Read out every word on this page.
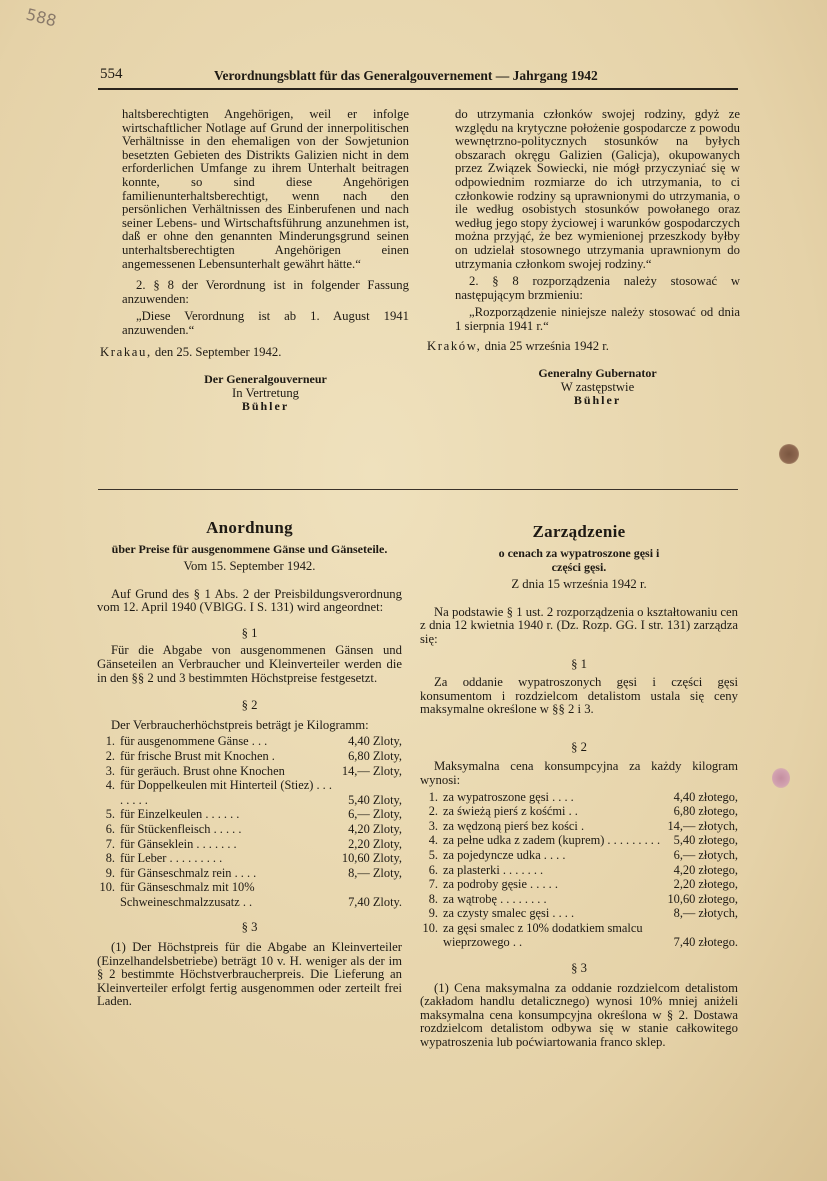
588
554	Verordnungsblatt für das Generalgouvernement — Jahrgang 1942

haltsberechtigten Angehörigen, weil er infolge wirtschaftlicher Notlage auf Grund der innerpolitischen Verhältnisse in den ehemaligen von der Sowjetunion besetzten Gebieten des Distrikts Galizien nicht in dem erforderlichen Umfange zu ihrem Unterhalt beitragen konnte, so sind diese Angehörigen familienunterhaltsberechtigt, wenn nach den persönlichen Verhältnissen des Einberufenen und nach seiner Lebens- und Wirtschaftsführung anzunehmen ist, daß er ohne den genannten Minderungsgrund seinen unterhaltsberechtigten Angehörigen einen angemessenen Lebensunterhalt gewährt hätte.“

2. § 8 der Verordnung ist in folgender Fassung anzuwenden:

„Diese Verordnung ist ab 1. August 1941 anzuwenden.“

Krakau, den 25. September 1942.

Der Generalgouverneur
In Vertretung
Bühler

do utrzymania członków swojej rodziny, gdyż ze względu na krytyczne położenie gospodarcze z powodu wewnętrzno-politycznych stosunków na byłych obszarach okręgu Galizien (Galicja), okupowanych przez Związek Sowiecki, nie mógł przyczyniać się w odpowiednim rozmiarze do ich utrzymania, to ci członkowie rodziny są uprawnionymi do utrzymania, o ile według osobistych stosunków powołanego oraz według jego stopy życiowej i warunków gospodarczych można przyjąć, że bez wymienionej przeszkody byłby on udzielał stosownego utrzymania uprawnionym do utrzymania członkom swojej rodziny.“

2. § 8 rozporządzenia należy stosować w następującym brzmieniu:

„Rozporządzenie niniejsze należy stosować od dnia 1 sierpnia 1941 r.“

Kraków, dnia 25 września 1942 r.

Generalny Gubernator
W zastępstwie
Bühler
Anordnung
über Preise für ausgenommene Gänse und Gänseteile.
Vom 15. September 1942.

Auf Grund des § 1 Abs. 2 der Preisbildungsverordnung vom 12. April 1940 (VBlGG. I S. 131) wird angeordnet:

§ 1

Für die Abgabe von ausgenommenen Gänsen und Gänseteilen an Verbraucher und Kleinverteiler werden die in den §§ 2 und 3 bestimmten Höchstpreise festgesetzt.

§ 2

Der Verbraucherhöchstpreis beträgt je Kilogramm:

1.	für ausgenommene Gänse . . .	4,40 Zloty,
2.	für frische Brust mit Knochen .	6,80 Zloty,
3.	für geräuch. Brust ohne Knochen	14,— Zloty,
4.	für Doppelkeulen mit Hinterteil (Stiez) . . . . . . . .	5,40 Zloty,
5.	für Einzelkeulen . . . . . .	6,— Zloty,
6.	für Stückenfleisch . . . . .	4,20 Zloty,
7.	für Gänseklein . . . . . . .	2,20 Zloty,
8.	für Leber . . . . . . . . .	10,60 Zloty,
9.	für Gänseschmalz rein . . . .	8,— Zloty,
10.	für Gänseschmalz mit 10% Schweineschmalzzusatz . .	7,40 Zloty.
§ 3

(1) Der Höchstpreis für die Abgabe an Kleinverteiler (Einzelhandelsbetriebe) beträgt 10 v. H. weniger als der im § 2 bestimmte Höchstverbraucherpreis. Die Lieferung an Kleinverteiler erfolgt fertig ausgenommen oder zerteilt frei Laden.

Zarządzenie
o cenach za wypatroszone gęsi i części gęsi.
Z dnia 15 września 1942 r.

Na podstawie § 1 ust. 2 rozporządzenia o kształtowaniu cen z dnia 12 kwietnia 1940 r. (Dz. Rozp. GG. I str. 131) zarządza się:

§ 1

Za oddanie wypatroszonych gęsi i części gęsi konsumentom i rozdzielcom detalistom ustala się ceny maksymalne określone w §§ 2 i 3.

§ 2

Maksymalna cena konsumpcyjna za każdy kilogram wynosi:

1.	za wypatroszone gęsi . . . .	4,40 złotego,
2.	za świeżą pierś z kośćmi . .	6,80 złotego,
3.	za wędzoną pierś bez kości .	14,— złotych,
4.	za pełne udka z zadem (kuprem) . . . . . . . . .	5,40 złotego,
5.	za pojedyncze udka . . . .	6,— złotych,
6.	za plasterki . . . . . . .	4,20 złotego,
7.	za podroby gęsie . . . . .	2,20 złotego,
8.	za wątrobę . . . . . . . .	10,60 złotego,
9.	za czysty smalec gęsi . . . .	8,— złotych,
10.	za gęsi smalec z 10% dodatkiem smalcu wieprzowego . .	7,40 złotego.
§ 3

(1) Cena maksymalna za oddanie rozdzielcom detalistom (zakładom handlu detalicznego) wynosi 10% mniej aniżeli maksymalna cena konsumpcyjna określona w § 2. Dostawa rozdzielcom detalistom odbywa się w stanie całkowitego wypatroszenia lub poćwiartowania franco sklep.
